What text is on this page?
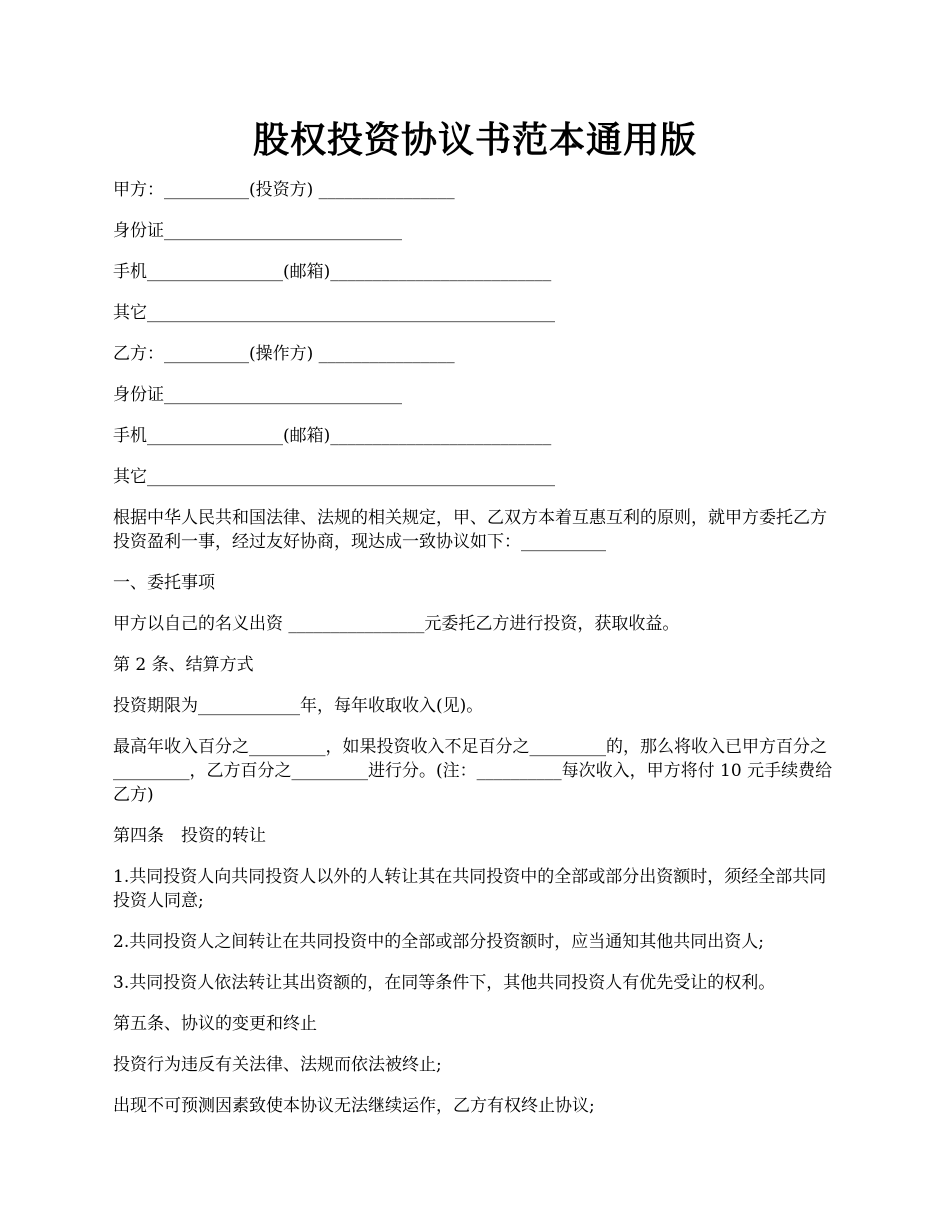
股权投资协议书范本通用版

甲方：__________(投资方) ________________

身份证____________________________

手机________________(邮箱)__________________________

其它________________________________________________

乙方：__________(操作方) ________________

身份证____________________________

手机________________(邮箱)__________________________

其它________________________________________________

根据中华人民共和国法律、法规的相关规定，甲、乙双方本着互惠互利的原则，就甲方委托乙方投资盈利一事，经过友好协商，现达成一致协议如下：__________

一、委托事项

甲方以自己的名义出资 ________________元委托乙方进行投资，获取收益。

第 2 条、结算方式

投资期限为____________年，每年收取收入(见)。

最高年收入百分之_________，如果投资收入不足百分之_________的，那么将收入已甲方百分之_________，乙方百分之_________进行分。(注：__________每次收入，甲方将付 10 元手续费给乙方)

第四条　投资的转让

1.共同投资人向共同投资人以外的人转让其在共同投资中的全部或部分出资额时，须经全部共同投资人同意;

2.共同投资人之间转让在共同投资中的全部或部分投资额时，应当通知其他共同出资人;

3.共同投资人依法转让其出资额的，在同等条件下，其他共同投资人有优先受让的权利。

第五条、协议的变更和终止

投资行为违反有关法律、法规而依法被终止;

出现不可预测因素致使本协议无法继续运作，乙方有权终止协议;
